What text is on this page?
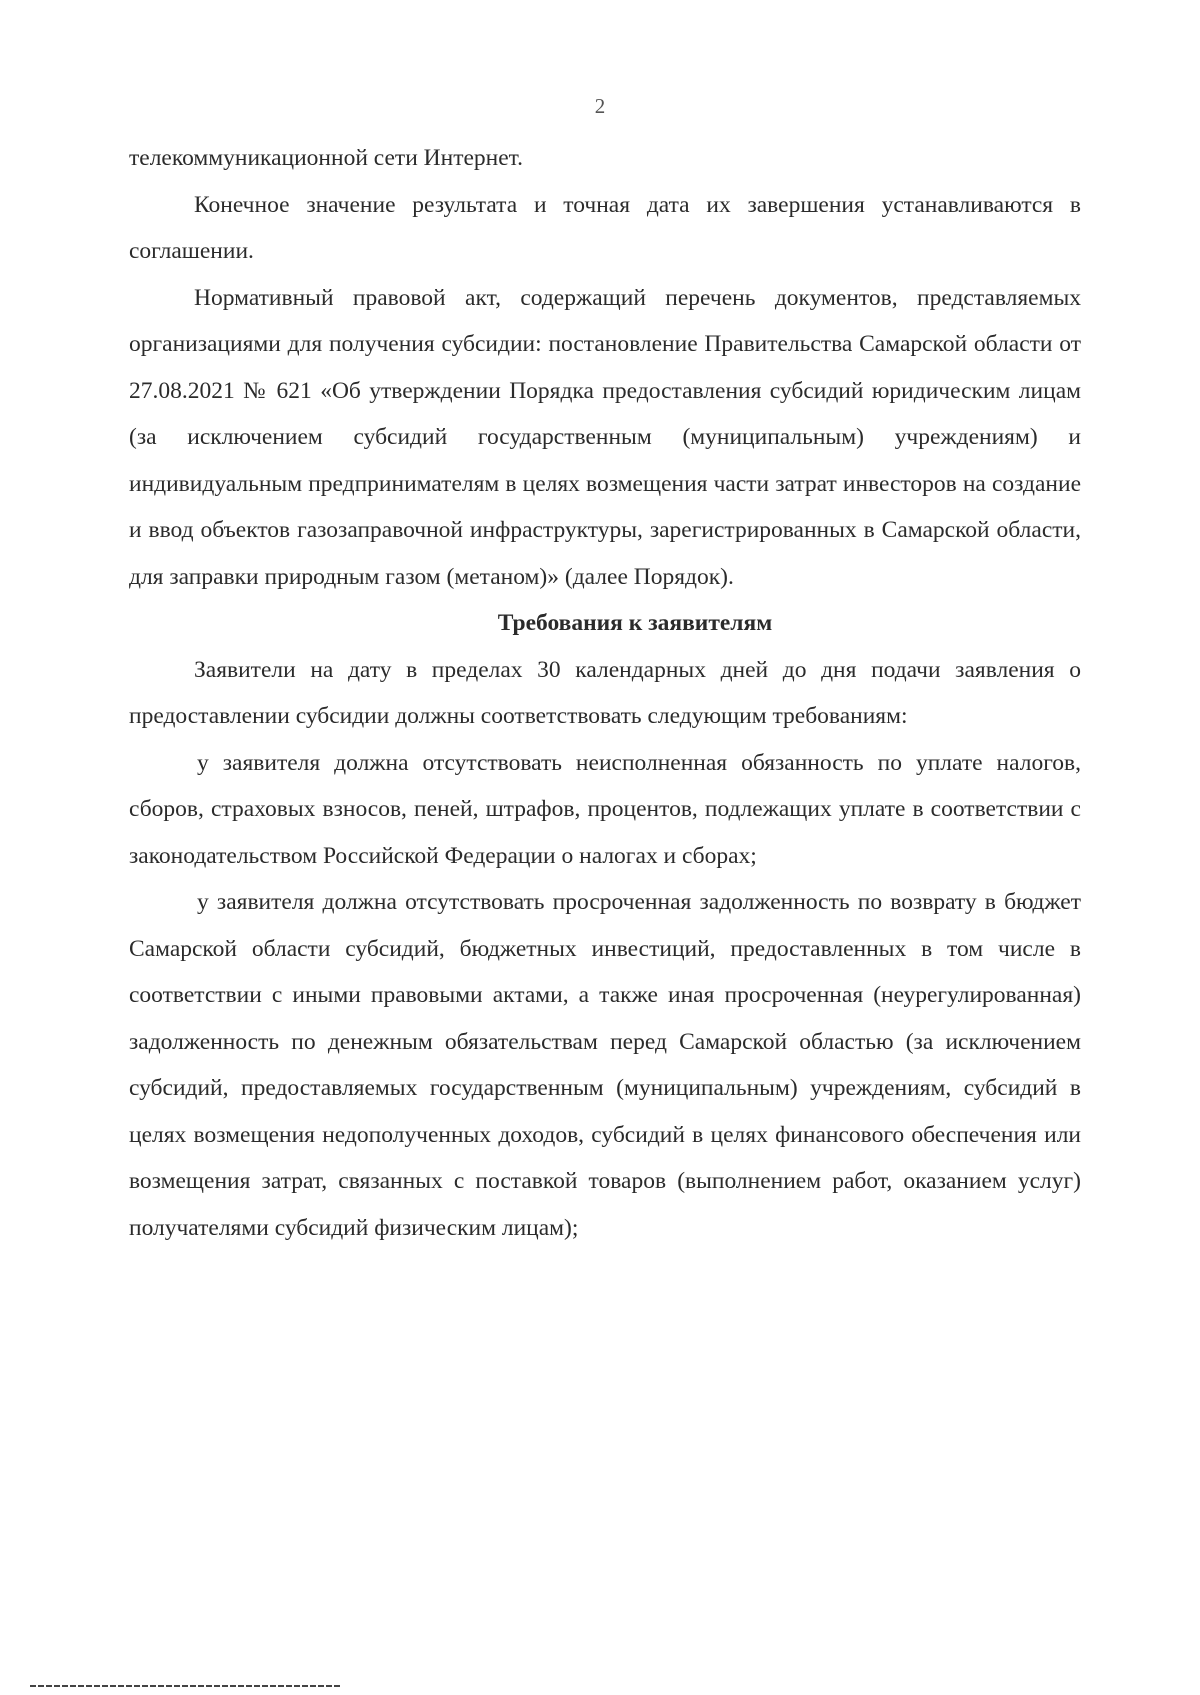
2

телекоммуникационной сети Интернет.

Конечное значение результата и точная дата их завершения устанавливаются в соглашении.

Нормативный правовой акт, содержащий перечень документов, представляемых организациями для получения субсидии: постановление Правительства Самарской области от 27.08.2021 № 621 «Об утверждении Порядка предоставления субсидий юридическим лицам (за исключением субсидий государственным (муниципальным) учреждениям) и индивидуальным предпринимателям в целях возмещения части затрат инвесторов на создание и ввод объектов газозаправочной инфраструктуры, зарегистрированных в Самарской области, для заправки природным газом (метаном)» (далее Порядок).

Требования к заявителям

Заявители на дату в пределах 30 календарных дней до дня подачи заявления о предоставлении субсидии должны соответствовать следующим требованиям:

у заявителя должна отсутствовать неисполненная обязанность по уплате налогов, сборов, страховых взносов, пеней, штрафов, процентов, подлежащих уплате в соответствии с законодательством Российской Федерации о налогах и сборах;

у заявителя должна отсутствовать просроченная задолженность по возврату в бюджет Самарской области субсидий, бюджетных инвестиций, предоставленных в том числе в соответствии с иными правовыми актами, а также иная просроченная (неурегулированная) задолженность по денежным обязательствам перед Самарской областью (за исключением субсидий, предоставляемых государственным (муниципальным) учреждениям, субсидий в целях возмещения недополученных доходов, субсидий в целях финансового обеспечения или возмещения затрат, связанных с поставкой товаров (выполнением работ, оказанием услуг) получателями субсидий физическим лицам);
